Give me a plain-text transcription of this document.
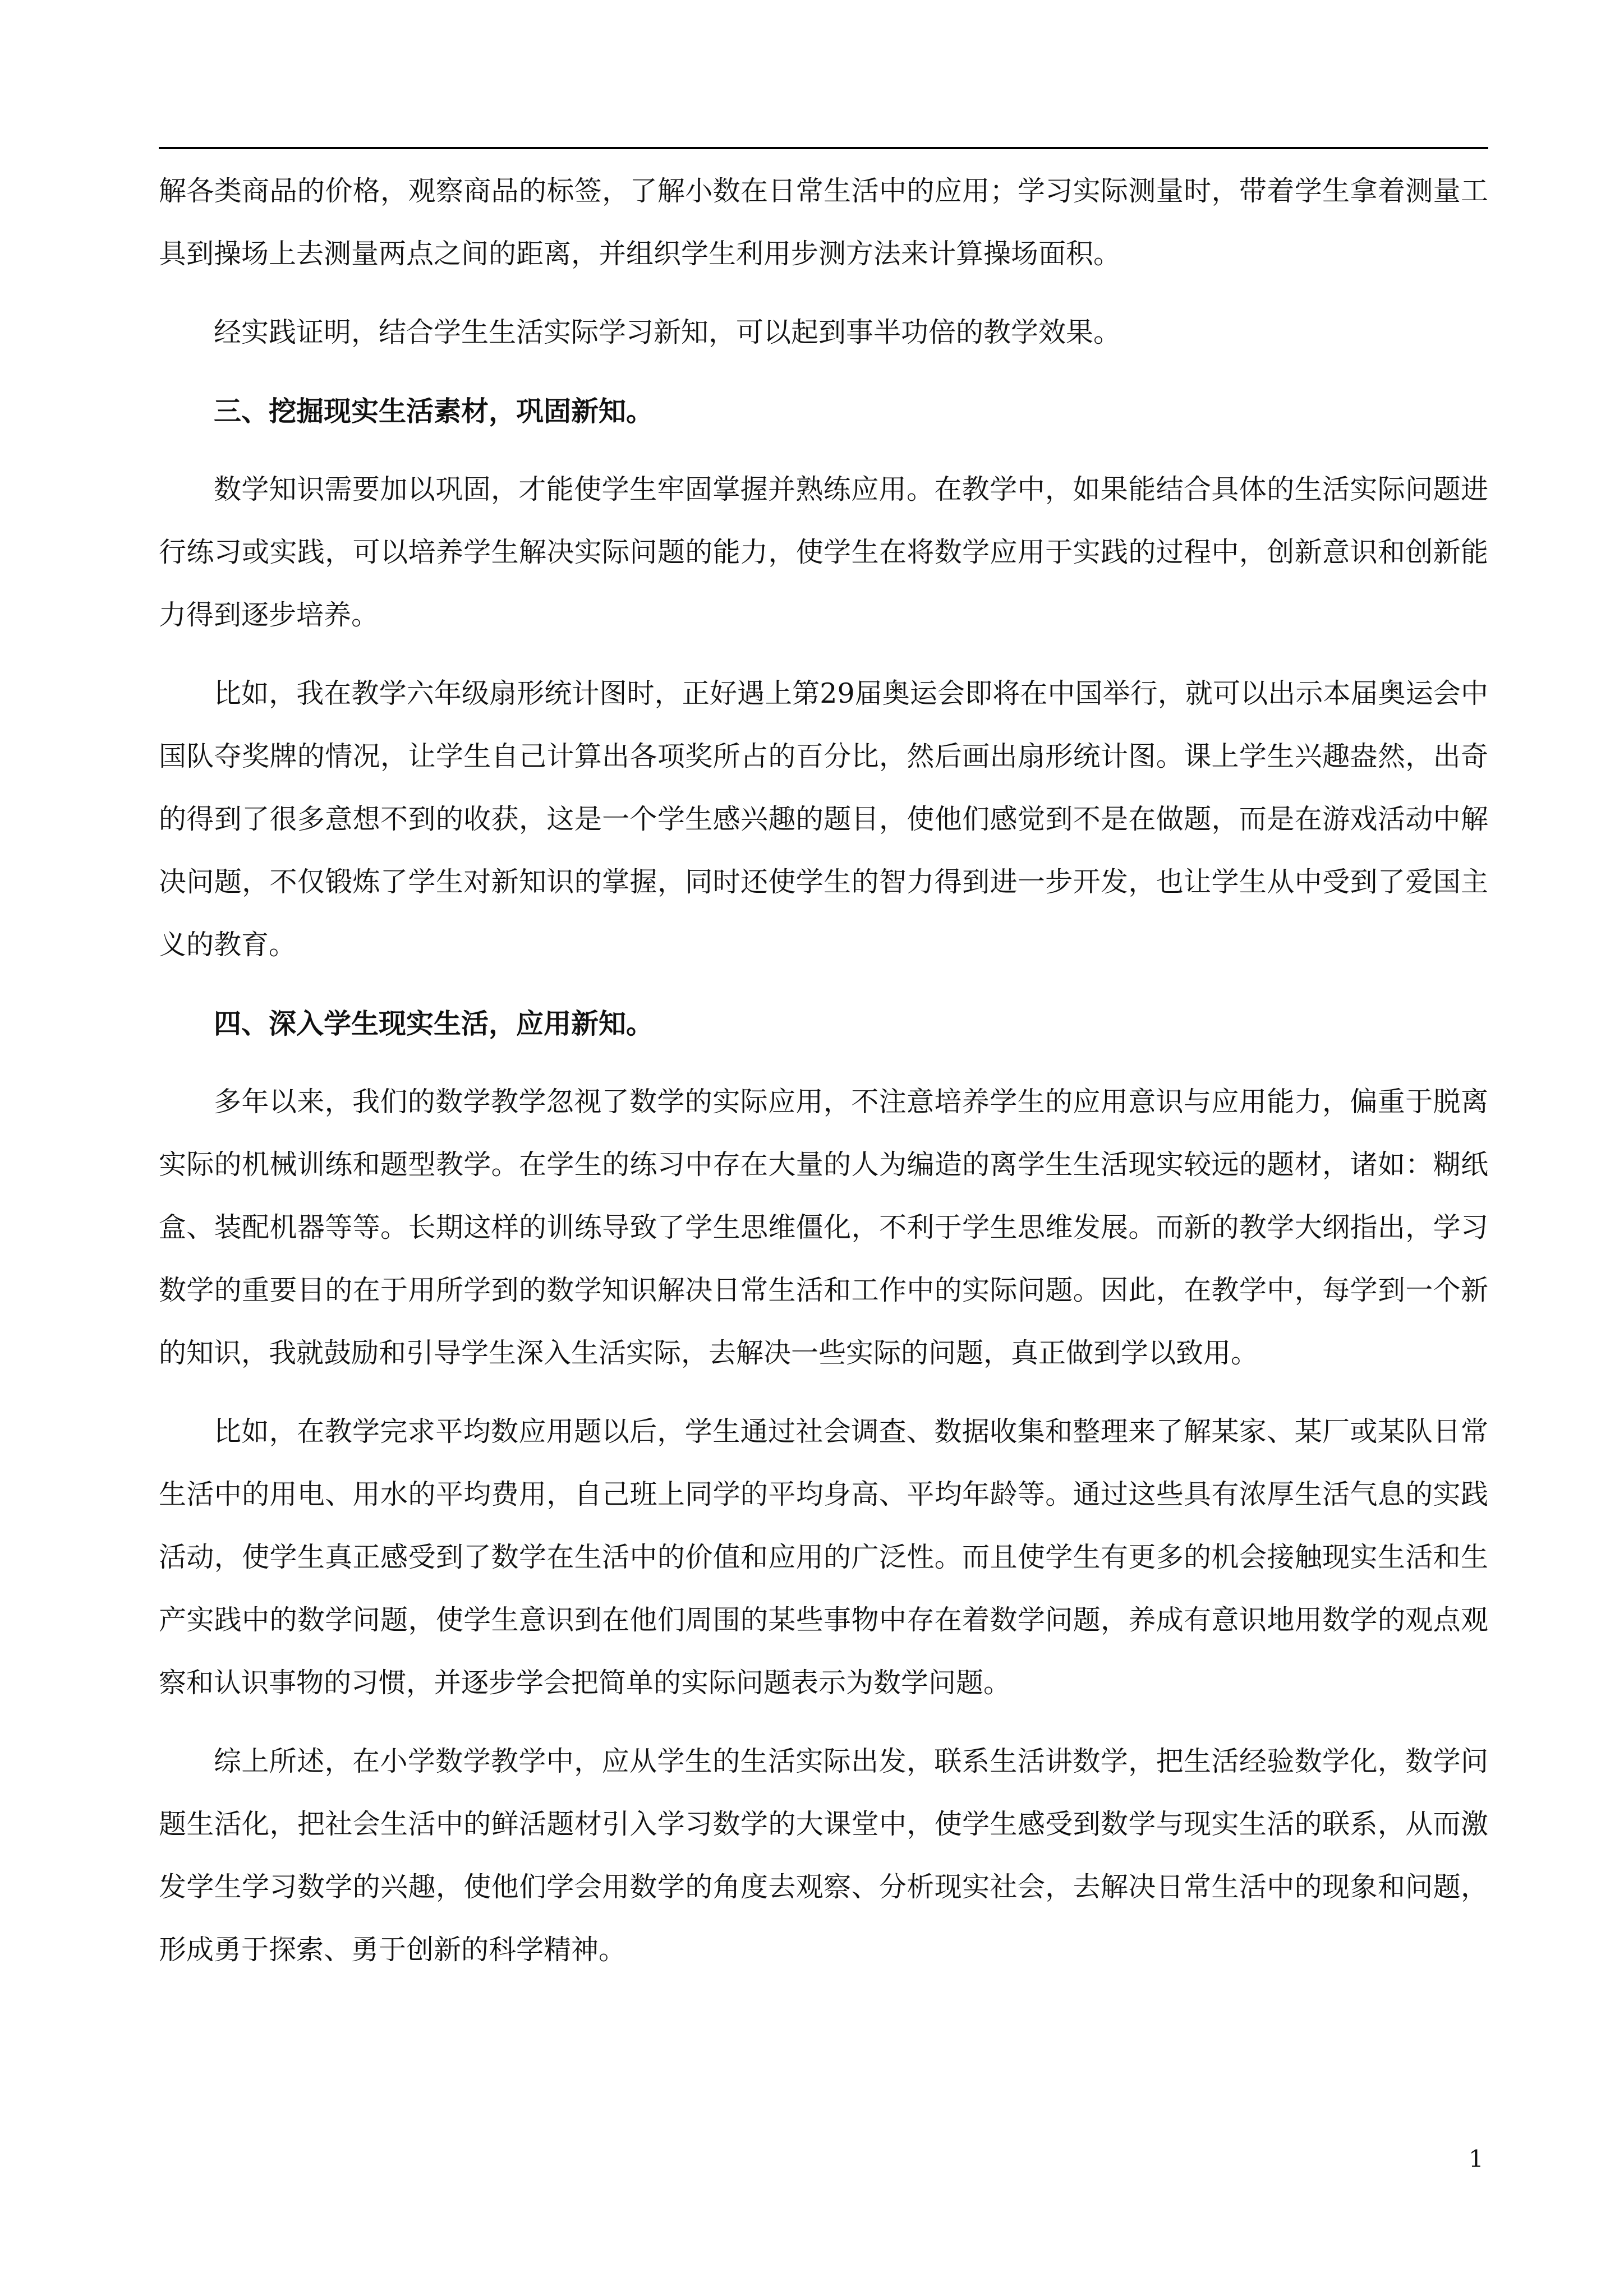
解各类商品的价格，观察商品的标签，了解小数在日常生活中的应用；学习实际测量时，带着学生拿着测量工具到操场上去测量两点之间的距离，并组织学生利用步测方法来计算操场面积。

经实践证明，结合学生生活实际学习新知，可以起到事半功倍的教学效果。

三、挖掘现实生活素材，巩固新知。

数学知识需要加以巩固，才能使学生牢固掌握并熟练应用。在教学中，如果能结合具体的生活实际问题进行练习或实践，可以培养学生解决实际问题的能力，使学生在将数学应用于实践的过程中，创新意识和创新能力得到逐步培养。

比如，我在教学六年级扇形统计图时，正好遇上第29届奥运会即将在中国举行，就可以出示本届奥运会中国队夺奖牌的情况，让学生自己计算出各项奖所占的百分比，然后画出扇形统计图。课上学生兴趣盎然，出奇的得到了很多意想不到的收获，这是一个学生感兴趣的题目，使他们感觉到不是在做题，而是在游戏活动中解决问题，不仅锻炼了学生对新知识的掌握，同时还使学生的智力得到进一步开发，也让学生从中受到了爱国主义的教育。

四、深入学生现实生活，应用新知。

多年以来，我们的数学教学忽视了数学的实际应用，不注意培养学生的应用意识与应用能力，偏重于脱离实际的机械训练和题型教学。在学生的练习中存在大量的人为编造的离学生生活现实较远的题材，诸如：糊纸盒、装配机器等等。长期这样的训练导致了学生思维僵化，不利于学生思维发展。而新的教学大纲指出，学习数学的重要目的在于用所学到的数学知识解决日常生活和工作中的实际问题。因此，在教学中，每学到一个新的知识，我就鼓励和引导学生深入生活实际，去解决一些实际的问题，真正做到学以致用。

比如，在教学完求平均数应用题以后，学生通过社会调查、数据收集和整理来了解某家、某厂或某队日常生活中的用电、用水的平均费用，自己班上同学的平均身高、平均年龄等。通过这些具有浓厚生活气息的实践活动，使学生真正感受到了数学在生活中的价值和应用的广泛性。而且使学生有更多的机会接触现实生活和生产实践中的数学问题，使学生意识到在他们周围的某些事物中存在着数学问题，养成有意识地用数学的观点观察和认识事物的习惯，并逐步学会把简单的实际问题表示为数学问题。

综上所述，在小学数学教学中，应从学生的生活实际出发，联系生活讲数学，把生活经验数学化，数学问题生活化，把社会生活中的鲜活题材引入学习数学的大课堂中，使学生感受到数学与现实生活的联系，从而激发学生学习数学的兴趣，使他们学会用数学的角度去观察、分析现实社会，去解决日常生活中的现象和问题，形成勇于探索、勇于创新的科学精神。

1
